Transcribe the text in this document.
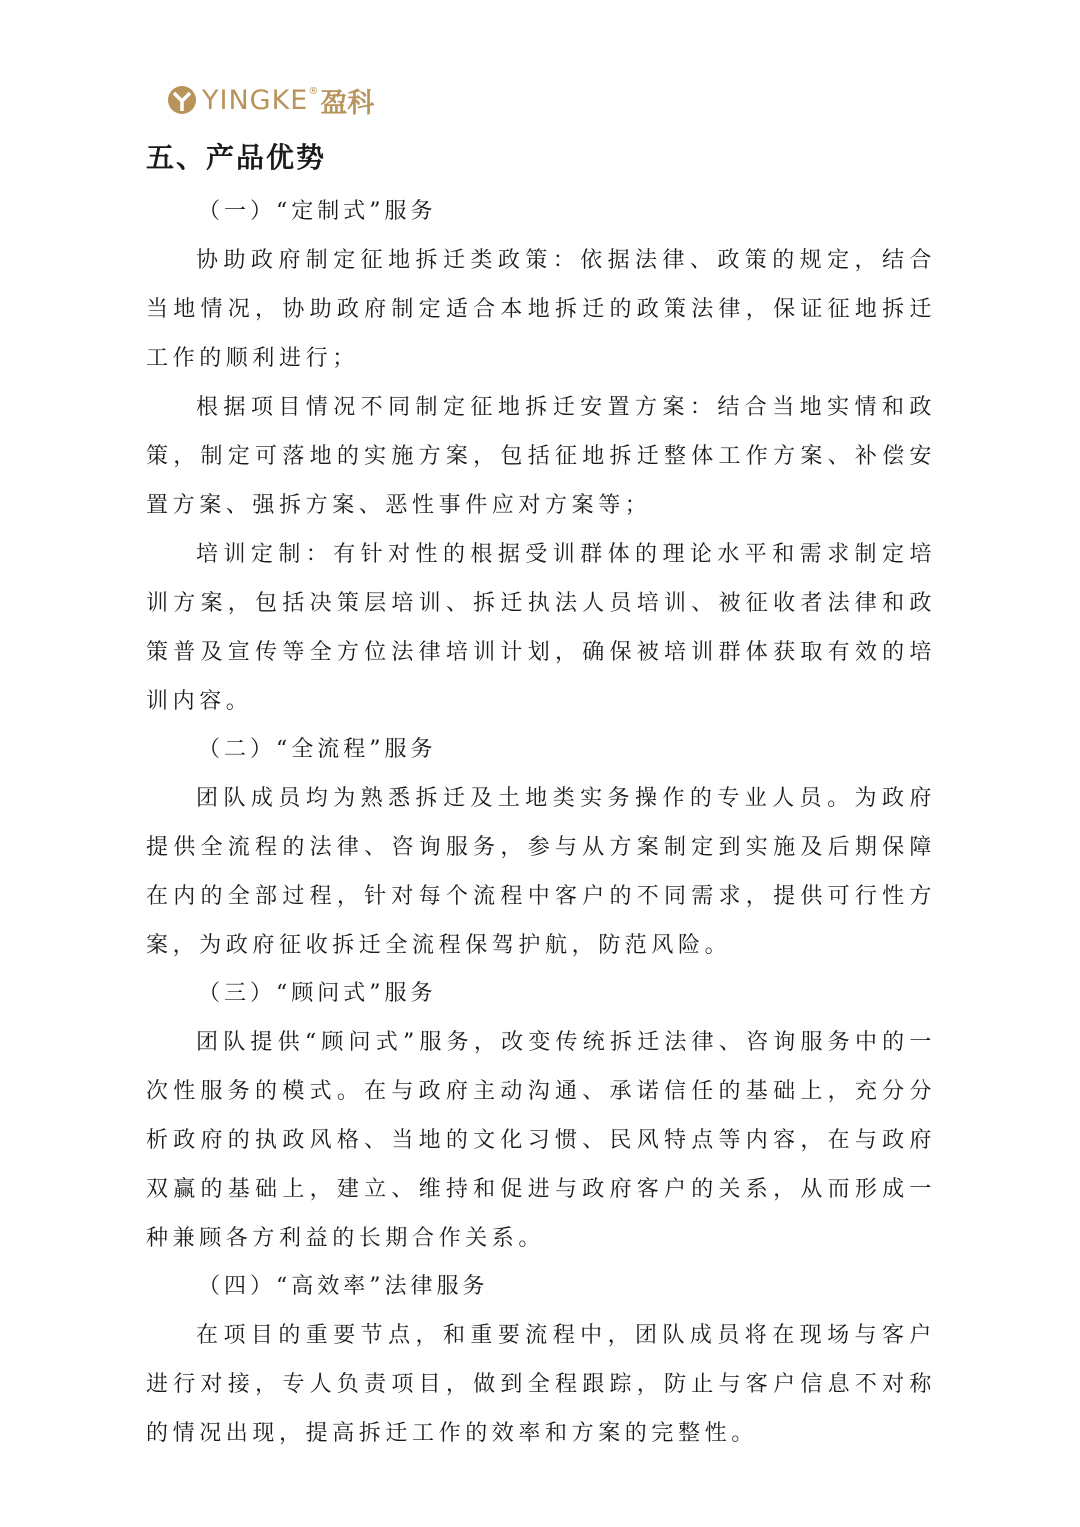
YINGKE ® 盈科
五、产品优势

（一）“定制式”服务

协助政府制定征地拆迁类政策：依据法律、政策的规定，结合当地情况，协助政府制定适合本地拆迁的政策法律，保证征地拆迁工作的顺利进行；

根据项目情况不同制定征地拆迁安置方案：结合当地实情和政策，制定可落地的实施方案，包括征地拆迁整体工作方案、补偿安置方案、强拆方案、恶性事件应对方案等；

培训定制：有针对性的根据受训群体的理论水平和需求制定培训方案，包括决策层培训、拆迁执法人员培训、被征收者法律和政策普及宣传等全方位法律培训计划，确保被培训群体获取有效的培训内容。

（二）“全流程”服务

团队成员均为熟悉拆迁及土地类实务操作的专业人员。为政府提供全流程的法律、咨询服务，参与从方案制定到实施及后期保障在内的全部过程，针对每个流程中客户的不同需求，提供可行性方案，为政府征收拆迁全流程保驾护航，防范风险。

（三）“顾问式”服务

团队提供“顾问式”服务，改变传统拆迁法律、咨询服务中的一次性服务的模式。在与政府主动沟通、承诺信任的基础上，充分分析政府的执政风格、当地的文化习惯、民风特点等内容，在与政府双赢的基础上，建立、维持和促进与政府客户的关系，从而形成一种兼顾各方利益的长期合作关系。

（四）“高效率”法律服务

在项目的重要节点，和重要流程中，团队成员将在现场与客户进行对接，专人负责项目，做到全程跟踪，防止与客户信息不对称的情况出现，提高拆迁工作的效率和方案的完整性。
